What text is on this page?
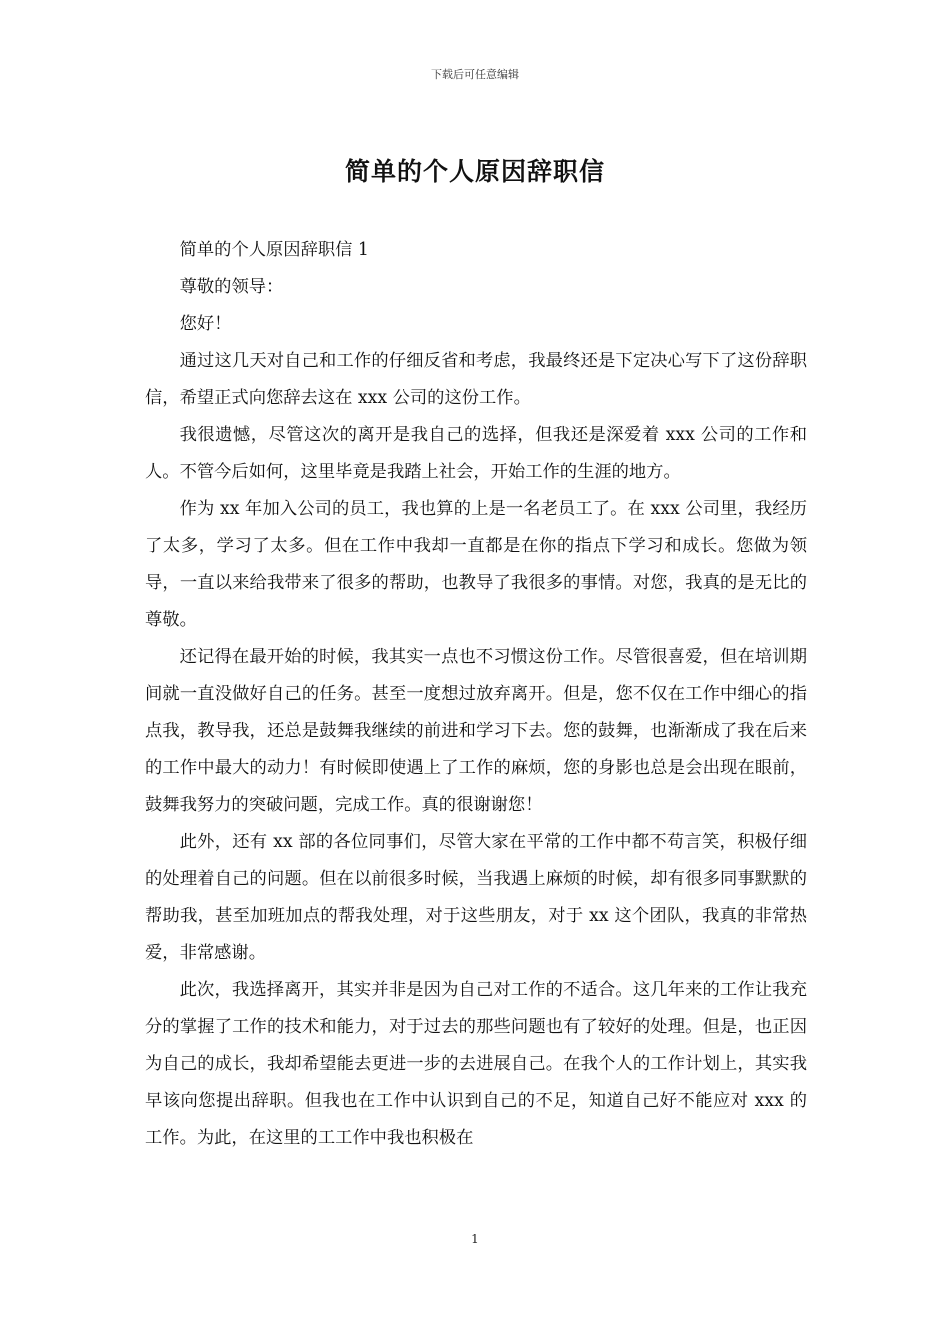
下载后可任意编辑
简单的个人原因辞职信

简单的个人原因辞职信 1

尊敬的领导：

您好！

通过这几天对自己和工作的仔细反省和考虑，我最终还是下定决心写下了这份辞职信，希望正式向您辞去这在 xxx 公司的这份工作。

我很遗憾，尽管这次的离开是我自己的选择，但我还是深爱着 xxx 公司的工作和人。不管今后如何，这里毕竟是我踏上社会，开始工作的生涯的地方。

作为 xx 年加入公司的员工，我也算的上是一名老员工了。在 xxx 公司里，我经历了太多，学习了太多。但在工作中我却一直都是在你的指点下学习和成长。您做为领导，一直以来给我带来了很多的帮助，也教导了我很多的事情。对您，我真的是无比的尊敬。

还记得在最开始的时候，我其实一点也不习惯这份工作。尽管很喜爱，但在培训期间就一直没做好自己的任务。甚至一度想过放弃离开。但是，您不仅在工作中细心的指点我，教导我，还总是鼓舞我继续的前进和学习下去。您的鼓舞，也渐渐成了我在后来的工作中最大的动力！有时候即使遇上了工作的麻烦，您的身影也总是会出现在眼前，鼓舞我努力的突破问题，完成工作。真的很谢谢您！

此外，还有 xx 部的各位同事们，尽管大家在平常的工作中都不苟言笑，积极仔细的处理着自己的问题。但在以前很多时候，当我遇上麻烦的时候，却有很多同事默默的帮助我，甚至加班加点的帮我处理，对于这些朋友，对于 xx 这个团队，我真的非常热爱，非常感谢。

此次，我选择离开，其实并非是因为自己对工作的不适合。这几年来的工作让我充分的掌握了工作的技术和能力，对于过去的那些问题也有了较好的处理。但是，也正因为自己的成长，我却希望能去更进一步的去进展自己。在我个人的工作计划上，其实我早该向您提出辞职。但我也在工作中认识到自己的不足，知道自己好不能应对 xxx 的工作。为此，在这里的工工作中我也积极在

1
